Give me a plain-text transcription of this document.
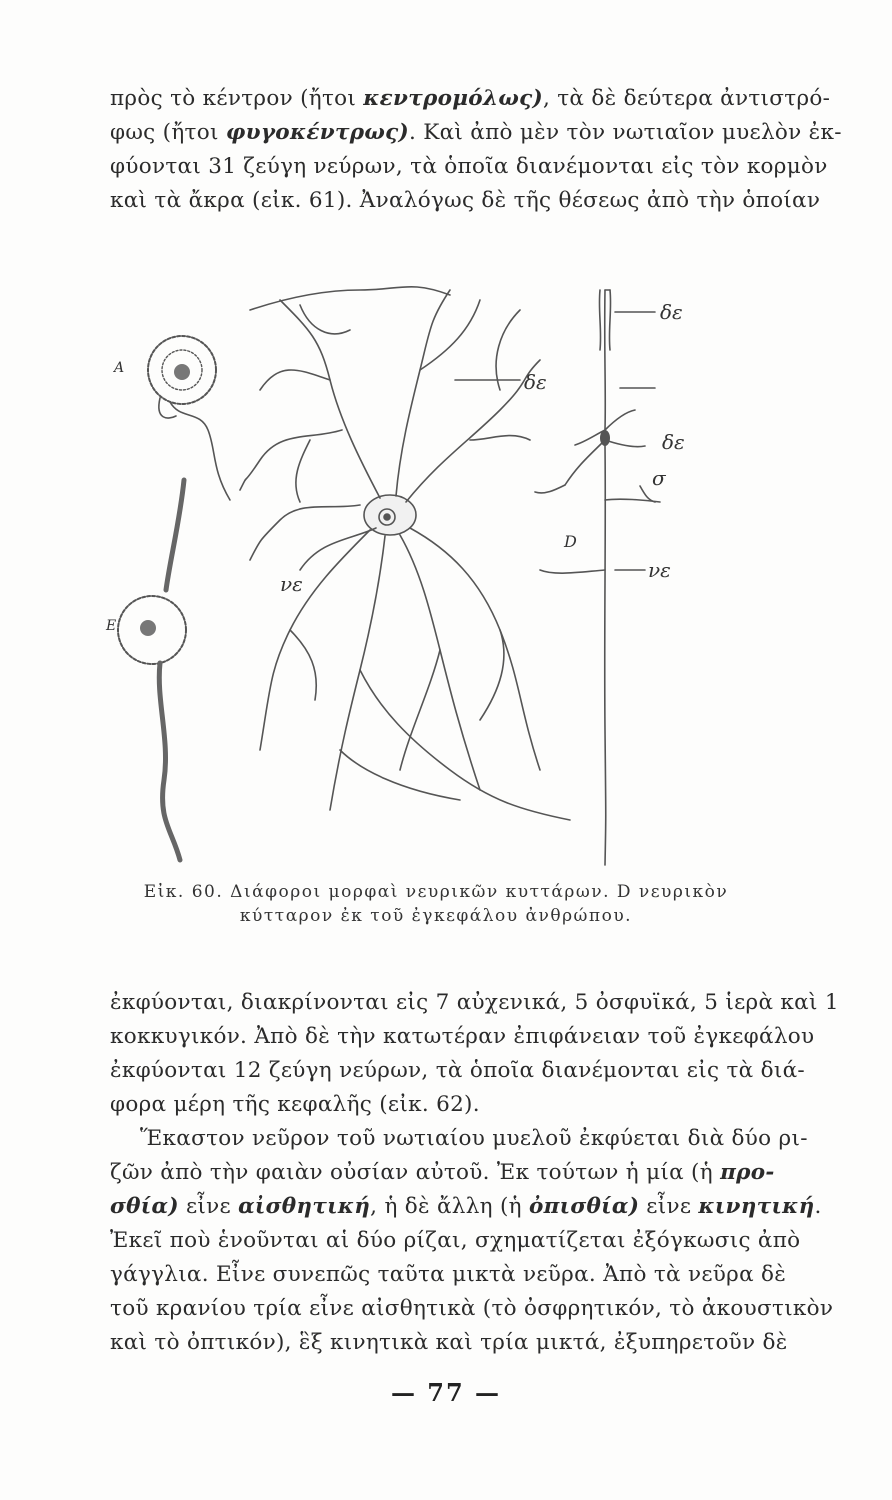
πρὸς τὸ κέντρον (ἤτοι κεντρομόλως), τὰ δὲ δεύτερα ἀντιστρό-
φως (ἤτοι φυγοκέντρως). Καὶ ἀπὸ μὲν τὸν νωτιαῖον μυελὸν ἐκ-
φύονται 31 ζεύγη νεύρων, τὰ ὁποῖα διανέμονται εἰς τὸν κορμὸν
καὶ τὰ ἄκρα (εἰκ. 61). Ἀναλόγως δὲ τῆς θέσεως ἀπὸ τὴν ὁποίαν

A
E
D
δε
νε
δε
δε
σ
νε

Εἰκ. 60. Διάφοροι μορφαὶ νευρικῶν κυττάρων. D νευρικὸν
κύτταρον ἐκ τοῦ ἐγκεφάλου ἀνθρώπου.

ἐκφύονται, διακρίνονται εἰς 7 αὐχενικά, 5 ὀσφυϊκά, 5 ἱερὰ καὶ 1
κοκκυγικόν. Ἀπὸ δὲ τὴν κατωτέραν ἐπιφάνειαν τοῦ ἐγκεφάλου
ἐκφύονται 12 ζεύγη νεύρων, τὰ ὁποῖα διανέμονται εἰς τὰ διά-
φορα μέρη τῆς κεφαλῆς (εἰκ. 62).

Ἕκαστον νεῦρον τοῦ νωτιαίου μυελοῦ ἐκφύεται διὰ δύο ρι-
ζῶν ἀπὸ τὴν φαιὰν οὐσίαν αὐτοῦ. Ἐκ τούτων ἡ μία (ἡ προ-
σθία) εἶνε αἰσθητική, ἡ δὲ ἄλλη (ἡ ὀπισθία) εἶνε κινητική.
Ἐκεῖ ποὺ ἑνοῦνται αἱ δύο ρίζαι, σχηματίζεται ἐξόγκωσις ἀπὸ
γάγγλια. Εἶνε συνεπῶς ταῦτα μικτὰ νεῦρα. Ἀπὸ τὰ νεῦρα δὲ
τοῦ κρανίου τρία εἶνε αἰσθητικὰ (τὸ ὀσφρητικόν, τὸ ἀκουστικὸν
καὶ τὸ ὀπτικόν), ἓξ κινητικὰ καὶ τρία μικτά, ἐξυπηρετοῦν δὲ

— 77 —
